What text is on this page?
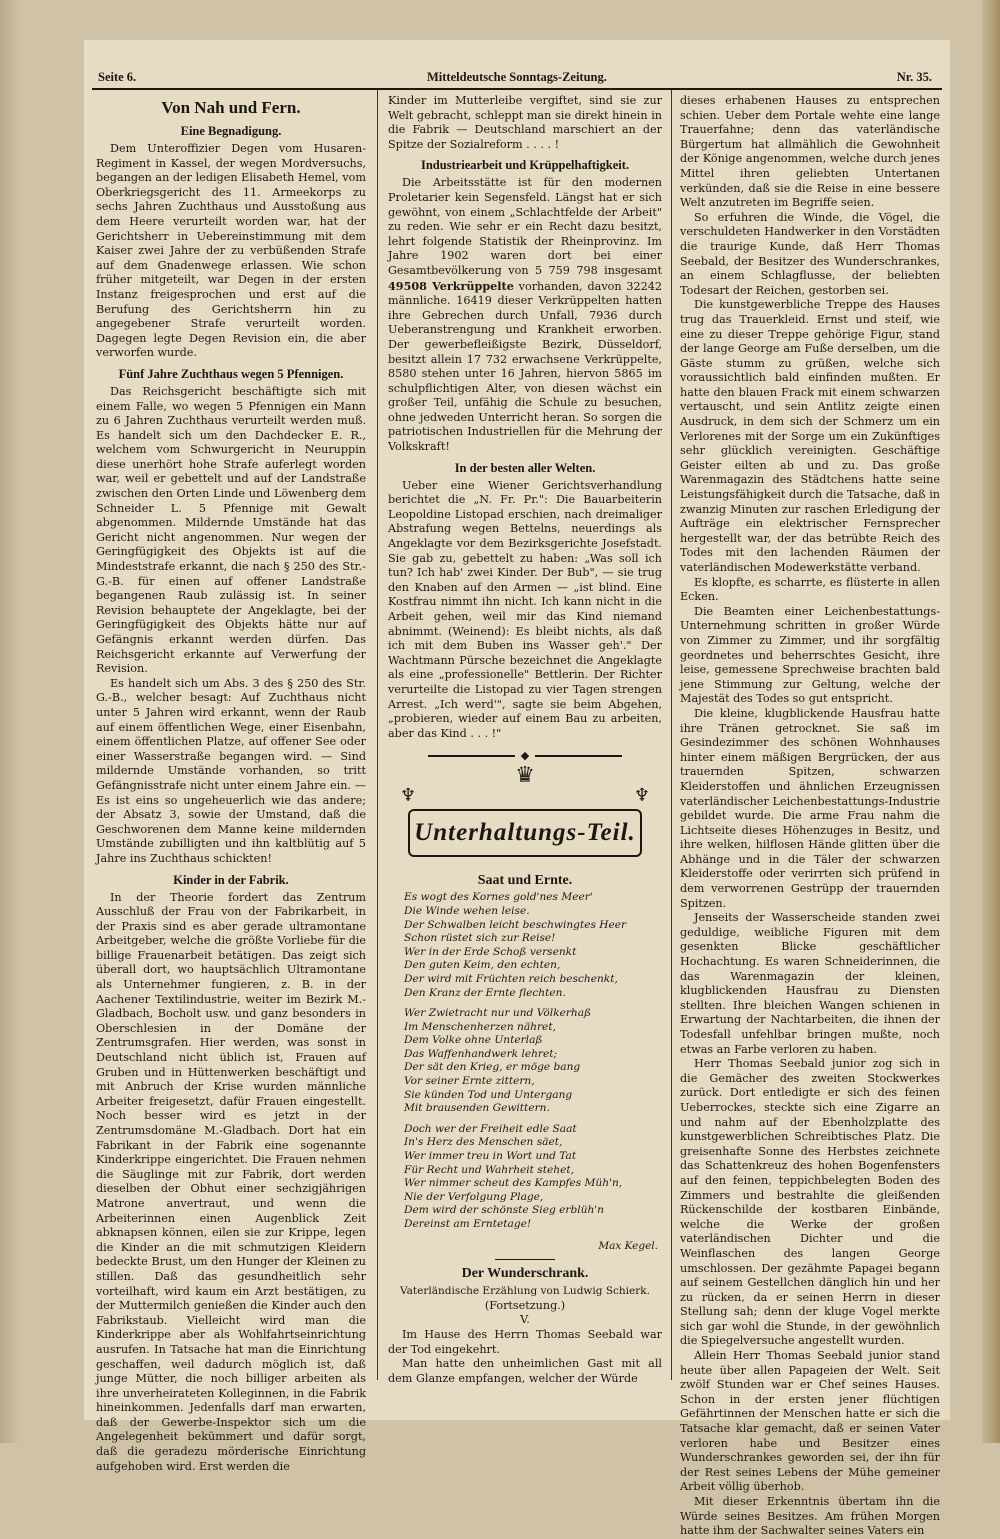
Seite 6.	Mitteldeutsche Sonntags-Zeitung.	Nr. 35.
Von Nah und Fern.
Eine Begnadigung.

Dem Unteroffizier Degen vom Husaren-Regiment in Kassel, der wegen Mordversuchs, begangen an der ledigen Elisabeth Hemel, vom Oberkriegsgericht des 11. Armeekorps zu sechs Jahren Zuchthaus und Ausstoßung aus dem Heere verurteilt worden war, hat der Gerichtsherr in Uebereinstimmung mit dem Kaiser zwei Jahre der zu verbüßenden Strafe auf dem Gnadenwege erlassen. Wie schon früher mitgeteilt, war Degen in der ersten Instanz freigesprochen und erst auf die Berufung des Gerichtsherrn hin zu angegebener Strafe verurteilt worden. Dagegen legte Degen Revision ein, die aber verworfen wurde.

Fünf Jahre Zuchthaus wegen 5 Pfennigen.

Das Reichsgericht beschäftigte sich mit einem Falle, wo wegen 5 Pfennigen ein Mann zu 6 Jahren Zuchthaus verurteilt werden muß. Es handelt sich um den Dachdecker E. R., welchem vom Schwurgericht in Neuruppin diese unerhört hohe Strafe auferlegt worden war, weil er gebettelt und auf der Landstraße zwischen den Orten Linde und Löwenberg dem Schneider L. 5 Pfennige mit Gewalt abgenommen. Mildernde Umstände hat das Gericht nicht angenommen. Nur wegen der Geringfügigkeit des Objekts ist auf die Mindeststrafe erkannt, die nach § 250 des Str.-G.-B. für einen auf offener Landstraße begangenen Raub zulässig ist. In seiner Revision behauptete der Angeklagte, bei der Geringfügigkeit des Objekts hätte nur auf Gefängnis erkannt werden dürfen. Das Reichsgericht erkannte auf Verwerfung der Revision.

Es handelt sich um Abs. 3 des § 250 des Str. G.-B., welcher besagt: Auf Zuchthaus nicht unter 5 Jahren wird erkannt, wenn der Raub auf einem öffentlichen Wege, einer Eisenbahn, einem öffentlichen Platze, auf offener See oder einer Wasserstraße begangen wird. — Sind mildernde Umstände vorhanden, so tritt Gefängnisstrafe nicht unter einem Jahre ein. — Es ist eins so ungeheuerlich wie das andere; der Absatz 3, sowie der Umstand, daß die Geschworenen dem Manne keine mildernden Umstände zubilligten und ihn kaltblütig auf 5 Jahre ins Zuchthaus schickten!

Kinder in der Fabrik.

In der Theorie fordert das Zentrum Ausschluß der Frau von der Fabrikarbeit, in der Praxis sind es aber gerade ultramontane Arbeitgeber, welche die größte Vorliebe für die billige Frauenarbeit betätigen. Das zeigt sich überall dort, wo hauptsächlich Ultramontane als Unternehmer fungieren, z. B. in der Aachener Textilindustrie, weiter im Bezirk M.-Gladbach, Bocholt usw. und ganz besonders in Oberschlesien in der Domäne der Zentrumsgrafen. Hier werden, was sonst in Deutschland nicht üblich ist, Frauen auf Gruben und in Hüttenwerken beschäftigt und mit Anbruch der Krise wurden männliche Arbeiter freigesetzt, dafür Frauen eingestellt. Noch besser wird es jetzt in der Zentrumsdomäne M.-Gladbach. Dort hat ein Fabrikant in der Fabrik eine sogenannte Kinderkrippe eingerichtet. Die Frauen nehmen die Säuglinge mit zur Fabrik, dort werden dieselben der Obhut einer sechzigjährigen Matrone anvertraut, und wenn die Arbeiterinnen einen Augenblick Zeit abknapsen können, eilen sie zur Krippe, legen die Kinder an die mit schmutzigen Kleidern bedeckte Brust, um den Hunger der Kleinen zu stillen. Daß das gesundheitlich sehr vorteilhaft, wird kaum ein Arzt bestätigen, zu der Muttermilch genießen die Kinder auch den Fabrikstaub. Vielleicht wird man die Kinderkrippe aber als Wohlfahrtseinrichtung ausrufen. In Tatsache hat man die Einrichtung geschaffen, weil dadurch möglich ist, daß junge Mütter, die noch billiger arbeiten als ihre unverheirateten Kolleginnen, in die Fabrik hineinkommen. Jedenfalls darf man erwarten, daß der Gewerbe-Inspektor sich um die Angelegenheit bekümmert und dafür sorgt, daß die geradezu mörderische Einrichtung aufgehoben wird. Erst werden die

Kinder im Mutterleibe vergiftet, sind sie zur Welt gebracht, schleppt man sie direkt hinein in die Fabrik — Deutschland marschiert an der Spitze der Sozialreform . . . . !

Industriearbeit und Krüppelhaftigkeit.

Die Arbeitsstätte ist für den modernen Proletarier kein Segensfeld. Längst hat er sich gewöhnt, von einem „Schlachtfelde der Arbeit" zu reden. Wie sehr er ein Recht dazu besitzt, lehrt folgende Statistik der Rheinprovinz. Im Jahre 1902 waren dort bei einer Gesamtbevölkerung von 5 759 798 insgesamt 49508 Verkrüppelte vorhanden, davon 32242 männliche. 16419 dieser Verkrüppelten hatten ihre Gebrechen durch Unfall, 7936 durch Ueberanstrengung und Krankheit erworben. Der gewerbefleißigste Bezirk, Düsseldorf, besitzt allein 17 732 erwachsene Verkrüppelte, 8580 stehen unter 16 Jahren, hiervon 5865 im schulpflichtigen Alter, von diesen wächst ein großer Teil, unfähig die Schule zu besuchen, ohne jedweden Unterricht heran. So sorgen die patriotischen Industriellen für die Mehrung der Volkskraft!

In der besten aller Welten.

Ueber eine Wiener Gerichtsverhandlung berichtet die „N. Fr. Pr.": Die Bauarbeiterin Leopoldine Listopad erschien, nach dreimaliger Abstrafung wegen Bettelns, neuerdings als Angeklagte vor dem Bezirksgerichte Josefstadt. Sie gab zu, gebettelt zu haben: „Was soll ich tun? Ich hab' zwei Kinder. Der Bub", — sie trug den Knaben auf den Armen — „ist blind. Eine Kostfrau nimmt ihn nicht. Ich kann nicht in die Arbeit gehen, weil mir das Kind niemand abnimmt. (Weinend): Es bleibt nichts, als daß ich mit dem Buben ins Wasser geh'." Der Wachtmann Pürsche bezeichnet die Angeklagte als eine „professionelle" Bettlerin. Der Richter verurteilte die Listopad zu vier Tagen strengen Arrest. „Ich werd'", sagte sie beim Abgehen, „probieren, wieder auf einem Bau zu arbeiten, aber das Kind . . . !"

◆
♛
♆	♆
Unterhaltungs-Teil.
Saat und Ernte.
Es wogt des Kornes gold'nes Meer'
Die Winde wehen leise.
Der Schwalben leicht beschwingtes Heer
Schon rüstet sich zur Reise!
Wer in der Erde Schoß versenkt
Den guten Keim, den echten,
Der wird mit Früchten reich beschenkt,
Den Kranz der Ernte flechten.
Wer Zwietracht nur und Völkerhaß
Im Menschenherzen nähret,
Dem Volke ohne Unterlaß
Das Waffenhandwerk lehret;
Der sät den Krieg, er möge bang
Vor seiner Ernte zittern,
Sie künden Tod und Untergang
Mit brausenden Gewittern.
Doch wer der Freiheit edle Saat
In's Herz des Menschen säet,
Wer immer treu in Wort und Tat
Für Recht und Wahrheit stehet,
Wer nimmer scheut des Kampfes Müh'n,
Nie der Verfolgung Plage,
Dem wird der schönste Sieg erblüh'n
Dereinst am Erntetage!
Max Kegel.
Der Wunderschrank.

Vaterländische Erzählung von Ludwig Schierk.

(Fortsetzung.)

V.

Im Hause des Herrn Thomas Seebald war der Tod eingekehrt.

Man hatte den unheimlichen Gast mit all dem Glanze empfangen, welcher der Würde

dieses erhabenen Hauses zu entsprechen schien. Ueber dem Portale wehte eine lange Trauerfahne; denn das vaterländische Bürgertum hat allmählich die Gewohnheit der Könige angenommen, welche durch jenes Mittel ihren geliebten Untertanen verkünden, daß sie die Reise in eine bessere Welt anzutreten im Begriffe seien.

So erfuhren die Winde, die Vögel, die verschuldeten Handwerker in den Vorstädten die traurige Kunde, daß Herr Thomas Seebald, der Besitzer des Wunderschrankes, an einem Schlagflusse, der beliebten Todesart der Reichen, gestorben sei.

Die kunstgewerbliche Treppe des Hauses trug das Trauerkleid. Ernst und steif, wie eine zu dieser Treppe gehörige Figur, stand der lange George am Fuße derselben, um die Gäste stumm zu grüßen, welche sich voraussichtlich bald einfinden mußten. Er hatte den blauen Frack mit einem schwarzen vertauscht, und sein Antlitz zeigte einen Ausdruck, in dem sich der Schmerz um ein Verlorenes mit der Sorge um ein Zukünftiges sehr glücklich vereinigten. Geschäftige Geister eilten ab und zu. Das große Warenmagazin des Städtchens hatte seine Leistungsfähigkeit durch die Tatsache, daß in zwanzig Minuten zur raschen Erledigung der Aufträge ein elektrischer Fernsprecher hergestellt war, der das betrübte Reich des Todes mit den lachenden Räumen der vaterländischen Modewerkstätte verband.

Es klopfte, es scharrte, es flüsterte in allen Ecken.

Die Beamten einer Leichenbestattungs-Unternehmung schritten in großer Würde von Zimmer zu Zimmer, und ihr sorgfältig geordnetes und beherrschtes Gesicht, ihre leise, gemessene Sprechweise brachten bald jene Stimmung zur Geltung, welche der Majestät des Todes so gut entspricht.

Die kleine, klugblickende Hausfrau hatte ihre Tränen getrocknet. Sie saß im Gesindezimmer des schönen Wohnhauses hinter einem mäßigen Bergrücken, der aus trauernden Spitzen, schwarzen Kleiderstoffen und ähnlichen Erzeugnissen vaterländischer Leichenbestattungs-Industrie gebildet wurde. Die arme Frau nahm die Lichtseite dieses Höhenzuges in Besitz, und ihre welken, hilflosen Hände glitten über die Abhänge und in die Täler der schwarzen Kleiderstoffe oder verirrten sich prüfend in dem verworrenen Gestrüpp der trauernden Spitzen.

Jenseits der Wasserscheide standen zwei geduldige, weibliche Figuren mit dem gesenkten Blicke geschäftlicher Hochachtung. Es waren Schneiderinnen, die das Warenmagazin der kleinen, klugblickenden Hausfrau zu Diensten stellten. Ihre bleichen Wangen schienen in Erwartung der Nachtarbeiten, die ihnen der Todesfall unfehlbar bringen mußte, noch etwas an Farbe verloren zu haben.

Herr Thomas Seebald junior zog sich in die Gemächer des zweiten Stockwerkes zurück. Dort entledigte er sich des feinen Ueberrockes, steckte sich eine Zigarre an und nahm auf der Ebenholzplatte des kunstgewerblichen Schreibtisches Platz. Die greisenhafte Sonne des Herbstes zeichnete das Schattenkreuz des hohen Bogenfensters auf den feinen, teppichbelegten Boden des Zimmers und bestrahlte die gleißenden Rückenschilde der kostbaren Einbände, welche die Werke der großen vaterländischen Dichter und die Weinflaschen des langen George umschlossen. Der gezähmte Papagei begann auf seinem Gestellchen dänglich hin und her zu rücken, da er seinen Herrn in dieser Stellung sah; denn der kluge Vogel merkte sich gar wohl die Stunde, in der gewöhnlich die Spiegelversuche angestellt wurden.

Allein Herr Thomas Seebald junior stand heute über allen Papageien der Welt. Seit zwölf Stunden war er Chef seines Hauses. Schon in der ersten jener flüchtigen Gefährtinnen der Menschen hatte er sich die Tatsache klar gemacht, daß er seinen Vater verloren habe und Besitzer eines Wunderschrankes geworden sei, der ihn für der Rest seines Lebens der Mühe gemeiner Arbeit völlig überhob.

Mit dieser Erkenntnis übertam ihn die Würde seines Besitzes. Am frühen Morgen hatte ihm der Sachwalter seines Vaters ein
